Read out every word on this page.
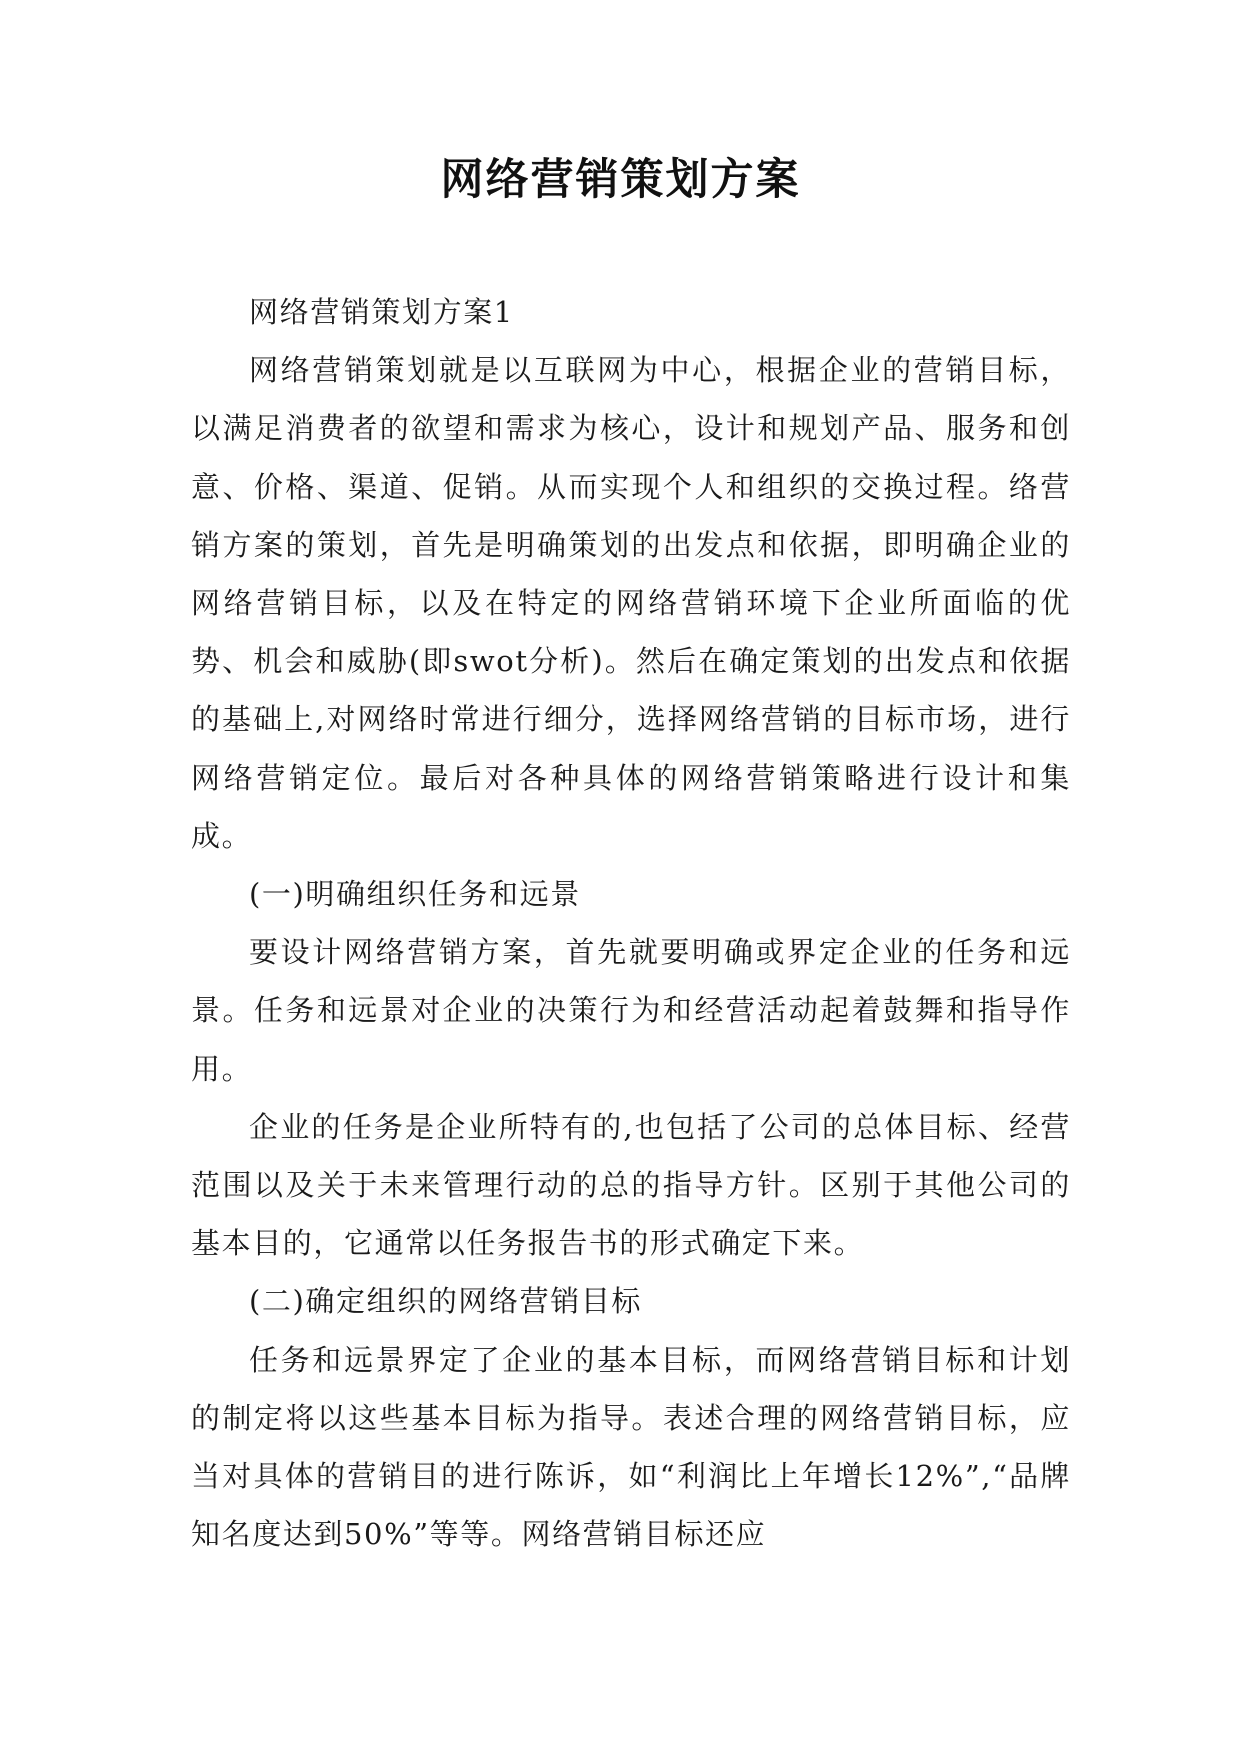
网络营销策划方案

网络营销策划方案1

网络营销策划就是以互联网为中心，根据企业的营销目标，以满足消费者的欲望和需求为核心，设计和规划产品、服务和创意、价格、渠道、促销。从而实现个人和组织的交换过程。络营销方案的策划，首先是明确策划的出发点和依据，即明确企业的网络营销目标，以及在特定的网络营销环境下企业所面临的优势、机会和威胁(即swot分析)。然后在确定策划的出发点和依据的基础上,对网络时常进行细分，选择网络营销的目标市场，进行网络营销定位。最后对各种具体的网络营销策略进行设计和集成。

(一)明确组织任务和远景

要设计网络营销方案，首先就要明确或界定企业的任务和远景。任务和远景对企业的决策行为和经营活动起着鼓舞和指导作用。

企业的任务是企业所特有的,也包括了公司的总体目标、经营范围以及关于未来管理行动的总的指导方针。区别于其他公司的基本目的，它通常以任务报告书的形式确定下来。

(二)确定组织的网络营销目标

任务和远景界定了企业的基本目标，而网络营销目标和计划的制定将以这些基本目标为指导。表述合理的网络营销目标，应当对具体的营销目的进行陈诉，如“利润比上年增长12%”,“品牌知名度达到50%”等等。网络营销目标还应
